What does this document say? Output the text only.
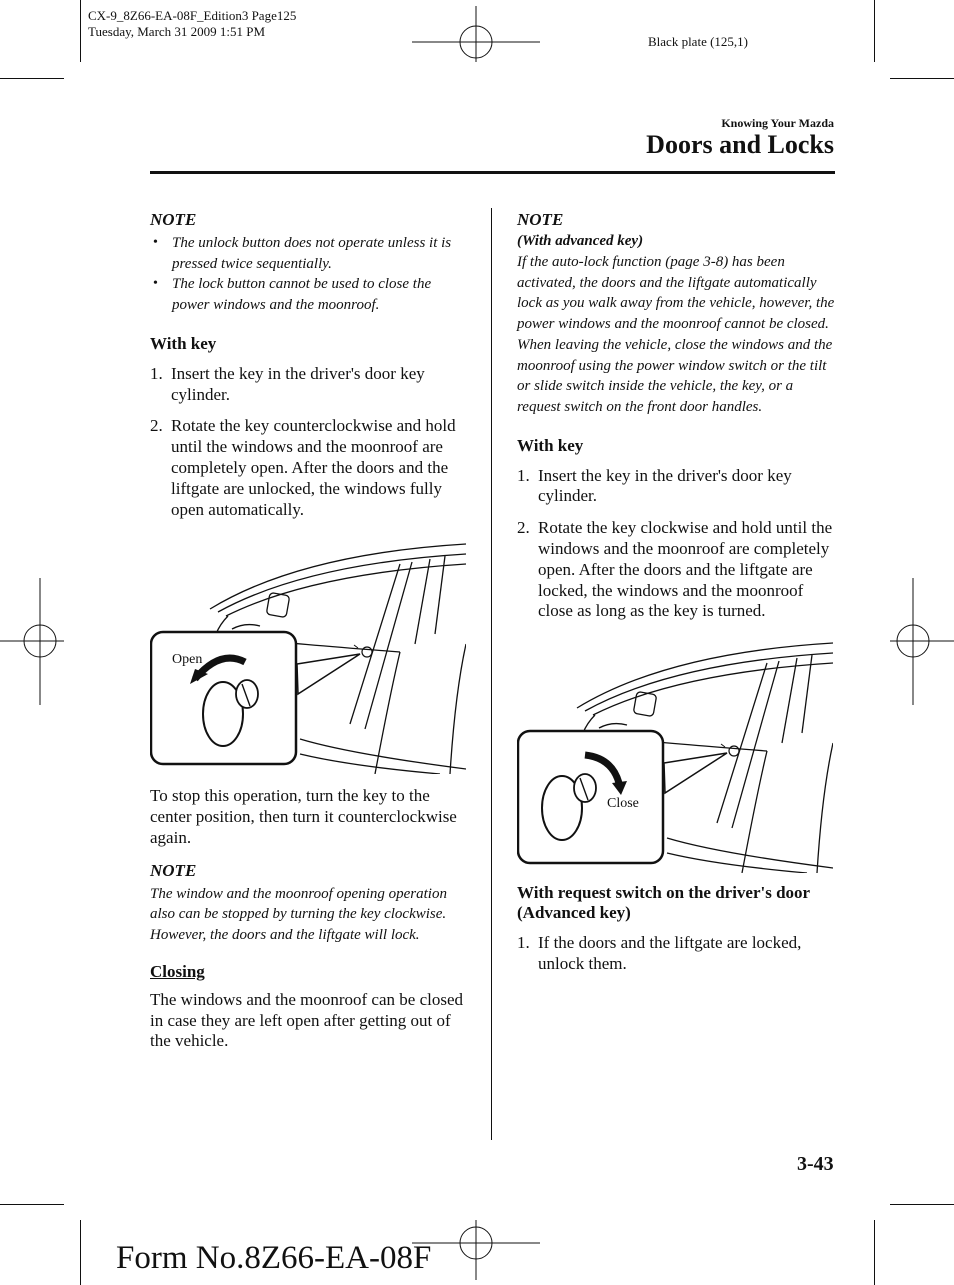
CX-9_8Z66-EA-08F_Edition3 Page125
Tuesday, March 31 2009 1:51 PM
Black plate (125,1)
Knowing Your Mazda
Doors and Locks

NOTE

• The unlock button does not operate unless it is pressed twice sequentially.
• The lock button cannot be used to close the power windows and the moonroof.
With key
1. Insert the key in the driver's door key cylinder.
2. Rotate the key counterclockwise and hold until the windows and the moonroof are completely open. After the doors and the liftgate are unlocked, the windows fully open automatically.
Open

To stop this operation, turn the key to the center position, then turn it counterclockwise again.

NOTE

The window and the moonroof opening operation also can be stopped by turning the key clockwise. However, the doors and the liftgate will lock.

Closing

The windows and the moonroof can be closed in case they are left open after getting out of the vehicle.

NOTE

(With advanced key)

If the auto-lock function (page 3-8) has been activated, the doors and the liftgate automatically lock as you walk away from the vehicle, however, the power windows and the moonroof cannot be closed. When leaving the vehicle, close the windows and the moonroof using the power window switch or the tilt or slide switch inside the vehicle, the key, or a request switch on the front door handles.

With key
1. Insert the key in the driver's door key cylinder.
2. Rotate the key clockwise and hold until the windows and the moonroof are completely open. After the doors and the liftgate are locked, the windows and the moonroof close as long as the key is turned.
Close
With request switch on the driver's door (Advanced key)
1. If the doors and the liftgate are locked, unlock them.
3-43
Form No.8Z66-EA-08F
